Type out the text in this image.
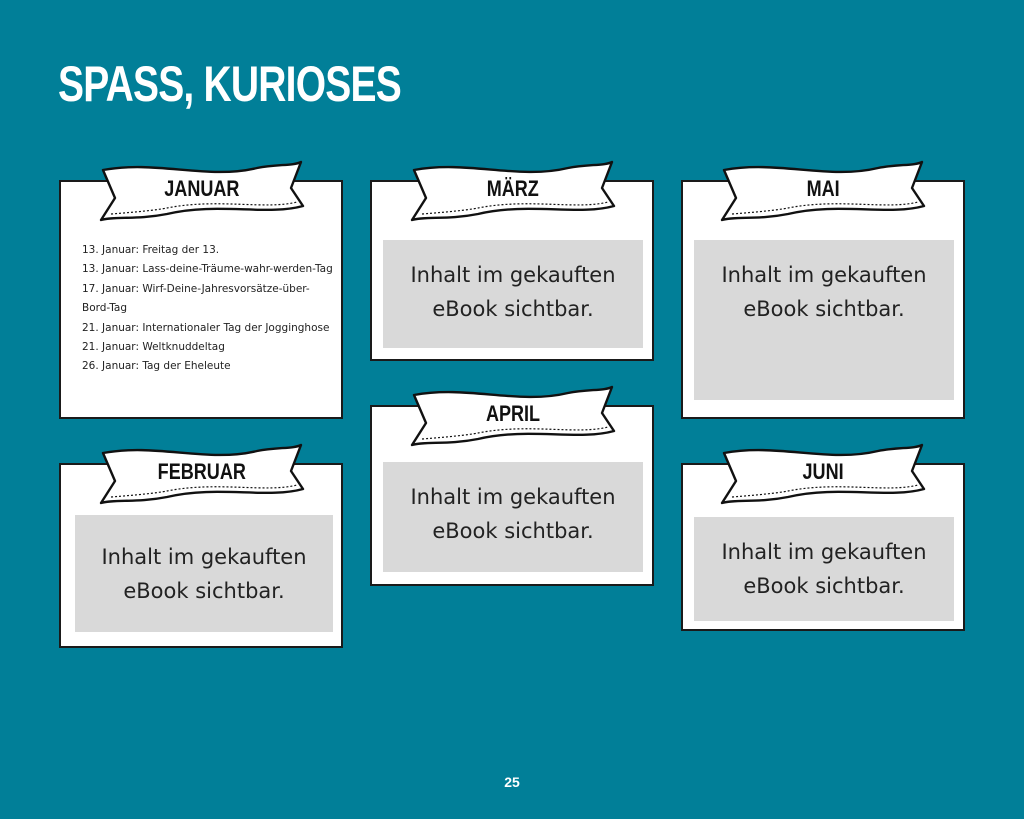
SPASS, KURIOSES
JANUAR
13. Januar: Freitag der 13.
13. Januar: Lass-deine-Träume-wahr-werden-Tag
17. Januar: Wirf-Deine-Jahresvorsätze-über-
Bord-Tag
21. Januar: Internationaler Tag der Jogginghose
21. Januar: Weltknuddeltag
26. Januar: Tag der Eheleute
Inhalt im gekauften
eBook sichtbar.
FEBRUAR
Inhalt im gekauften
eBook sichtbar.
MÄRZ
Inhalt im gekauften
eBook sichtbar.
APRIL
Inhalt im gekauften
eBook sichtbar.
MAI
Inhalt im gekauften
eBook sichtbar.
JUNI
25
